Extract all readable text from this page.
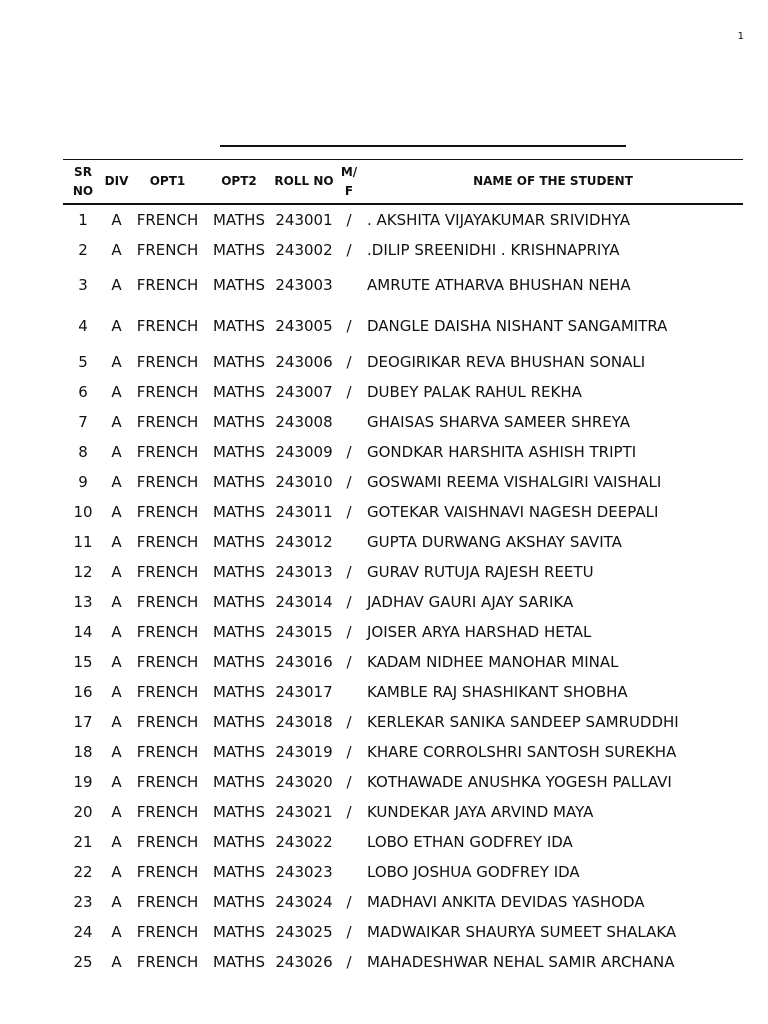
1
SR
NO	DIV	OPT1	OPT2	ROLL NO	M/
F	NAME OF THE STUDENT
1	A	FRENCH	MATHS	243001	/	. AKSHITA VIJAYAKUMAR SRIVIDHYA
2	A	FRENCH	MATHS	243002	/	.DILIP SREENIDHI . KRISHNAPRIYA
3	A	FRENCH	MATHS	243003		AMRUTE ATHARVA BHUSHAN NEHA
4	A	FRENCH	MATHS	243005	/	DANGLE DAISHA NISHANT SANGAMITRA
5	A	FRENCH	MATHS	243006	/	DEOGIRIKAR REVA BHUSHAN SONALI
6	A	FRENCH	MATHS	243007	/	DUBEY PALAK RAHUL REKHA
7	A	FRENCH	MATHS	243008		GHAISAS SHARVA SAMEER SHREYA
8	A	FRENCH	MATHS	243009	/	GONDKAR HARSHITA ASHISH TRIPTI
9	A	FRENCH	MATHS	243010	/	GOSWAMI REEMA VISHALGIRI VAISHALI
10	A	FRENCH	MATHS	243011	/	GOTEKAR VAISHNAVI NAGESH DEEPALI
11	A	FRENCH	MATHS	243012		GUPTA DURWANG AKSHAY SAVITA
12	A	FRENCH	MATHS	243013	/	GURAV RUTUJA RAJESH REETU
13	A	FRENCH	MATHS	243014	/	JADHAV GAURI AJAY SARIKA
14	A	FRENCH	MATHS	243015	/	JOISER ARYA HARSHAD HETAL
15	A	FRENCH	MATHS	243016	/	KADAM NIDHEE MANOHAR MINAL
16	A	FRENCH	MATHS	243017		KAMBLE RAJ SHASHIKANT SHOBHA
17	A	FRENCH	MATHS	243018	/	KERLEKAR SANIKA SANDEEP SAMRUDDHI
18	A	FRENCH	MATHS	243019	/	KHARE CORROLSHRI SANTOSH SUREKHA
19	A	FRENCH	MATHS	243020	/	KOTHAWADE ANUSHKA YOGESH PALLAVI
20	A	FRENCH	MATHS	243021	/	KUNDEKAR JAYA ARVIND MAYA
21	A	FRENCH	MATHS	243022		LOBO ETHAN GODFREY IDA
22	A	FRENCH	MATHS	243023		LOBO JOSHUA GODFREY IDA
23	A	FRENCH	MATHS	243024	/	MADHAVI ANKITA DEVIDAS YASHODA
24	A	FRENCH	MATHS	243025	/	MADWAIKAR SHAURYA SUMEET SHALAKA
25	A	FRENCH	MATHS	243026	/	MAHADESHWAR NEHAL SAMIR ARCHANA
